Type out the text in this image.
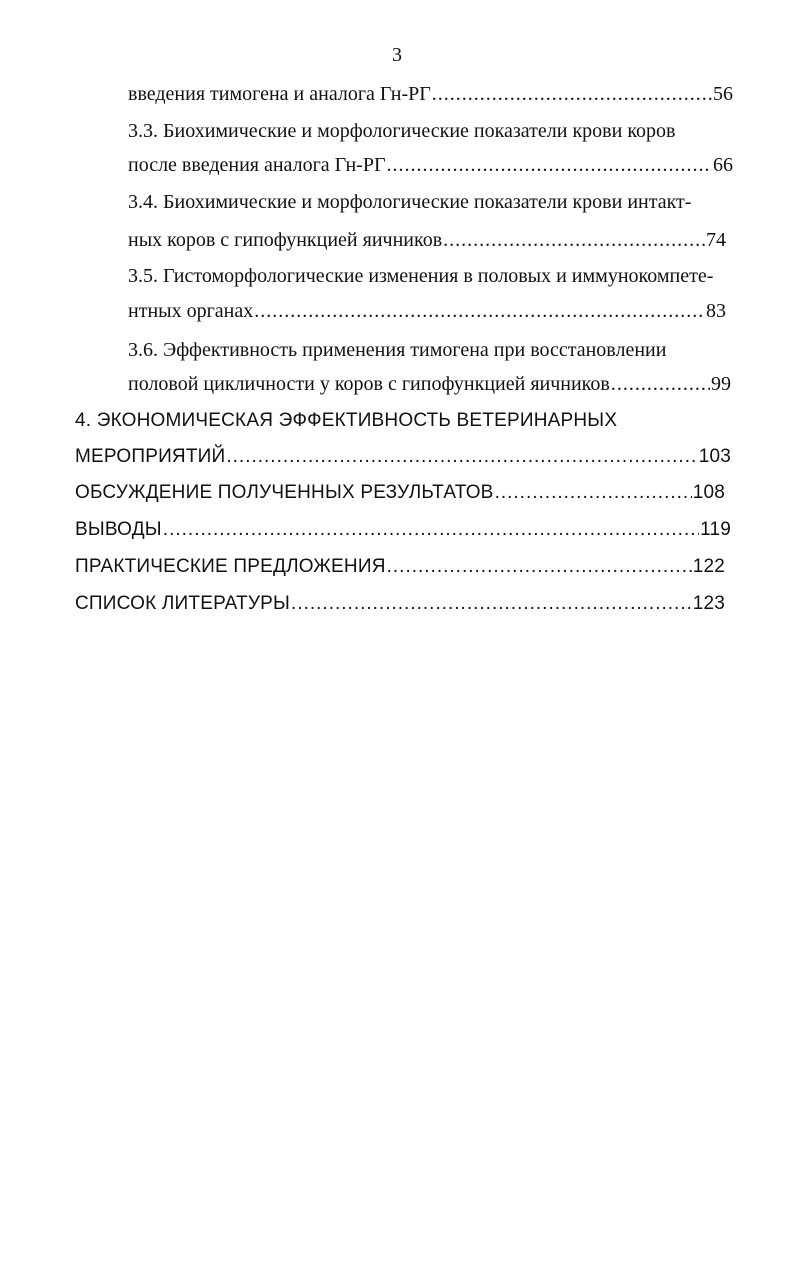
3
введения тимогена и аналога Гн-РГ .....	56
3.3. Биохимические и морфологические показатели крови коров
после введения аналога Гн-РГ .....	66
3.4. Биохимические и морфологические показатели крови интакт-
ных коров с гипофункцией яичников .....	74
3.5. Гистоморфологические изменения в половых и иммунокомпете-
нтных органах .....	83
3.6. Эффективность применения тимогена при восстановлении
половой цикличности у коров с гипофункцией яичников .....	99
4. ЭКОНОМИЧЕСКАЯ ЭФФЕКТИВНОСТЬ ВЕТЕРИНАРНЫХ
МЕРОПРИЯТИЙ .....	103
ОБСУЖДЕНИЕ ПОЛУЧЕННЫХ РЕЗУЛЬТАТОВ .....	108
ВЫВОДЫ .....	119
ПРАКТИЧЕСКИЕ ПРЕДЛОЖЕНИЯ .....	122
СПИСОК ЛИТЕРАТУРЫ .....	123
